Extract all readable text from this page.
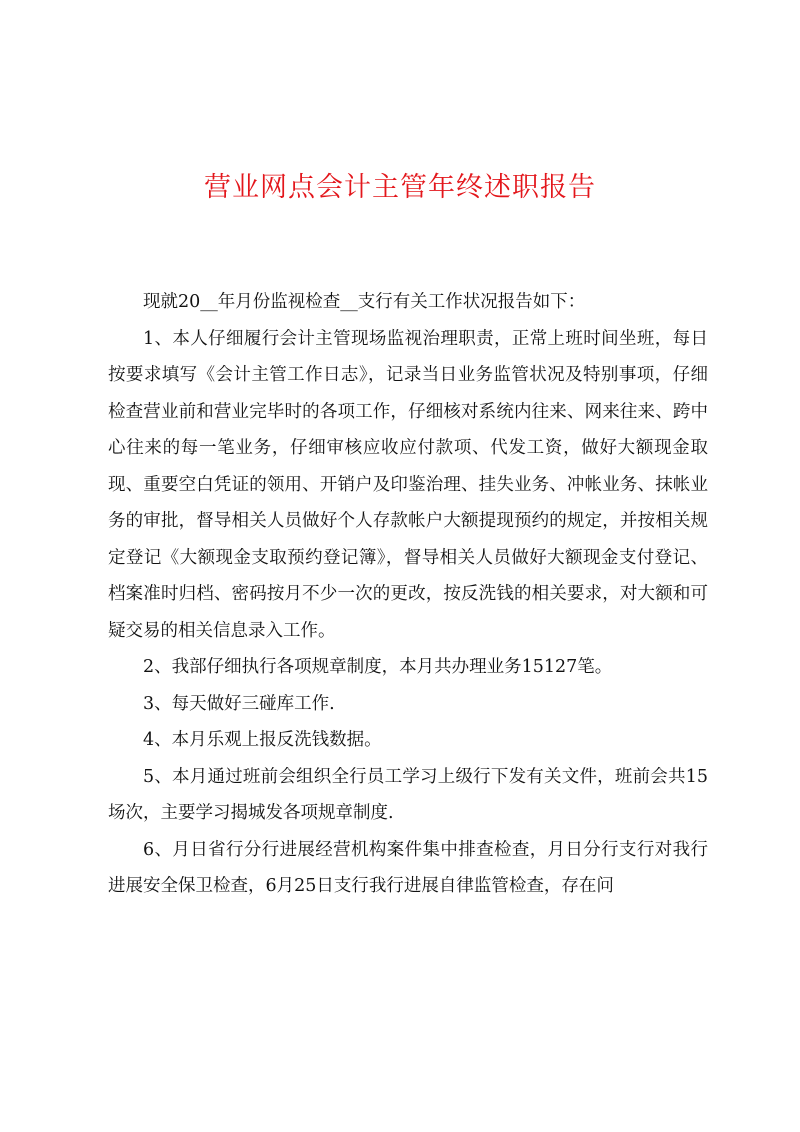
营业网点会计主管年终述职报告

现就20__年月份监视检查__支行有关工作状况报告如下：

1、本人仔细履行会计主管现场监视治理职责，正常上班时间坐班，每日按要求填写《会计主管工作日志》，记录当日业务监管状况及特别事项，仔细检查营业前和营业完毕时的各项工作，仔细核对系统内往来、网来往来、跨中心往来的每一笔业务，仔细审核应收应付款项、代发工资，做好大额现金取现、重要空白凭证的领用、开销户及印鉴治理、挂失业务、冲帐业务、抹帐业务的审批，督导相关人员做好个人存款帐户大额提现预约的规定，并按相关规定登记《大额现金支取预约登记簿》，督导相关人员做好大额现金支付登记、档案准时归档、密码按月不少一次的更改，按反洗钱的相关要求，对大额和可疑交易的相关信息录入工作。

2、我部仔细执行各项规章制度，本月共办理业务15127笔。

3、每天做好三碰库工作.

4、本月乐观上报反洗钱数据。

5、本月通过班前会组织全行员工学习上级行下发有关文件，班前会共15场次，主要学习揭城发各项规章制度.

6、月日省行分行进展经营机构案件集中排查检查，月日分行支行对我行进展安全保卫检查，6月25日支行我行进展自律监管检查，存在问
